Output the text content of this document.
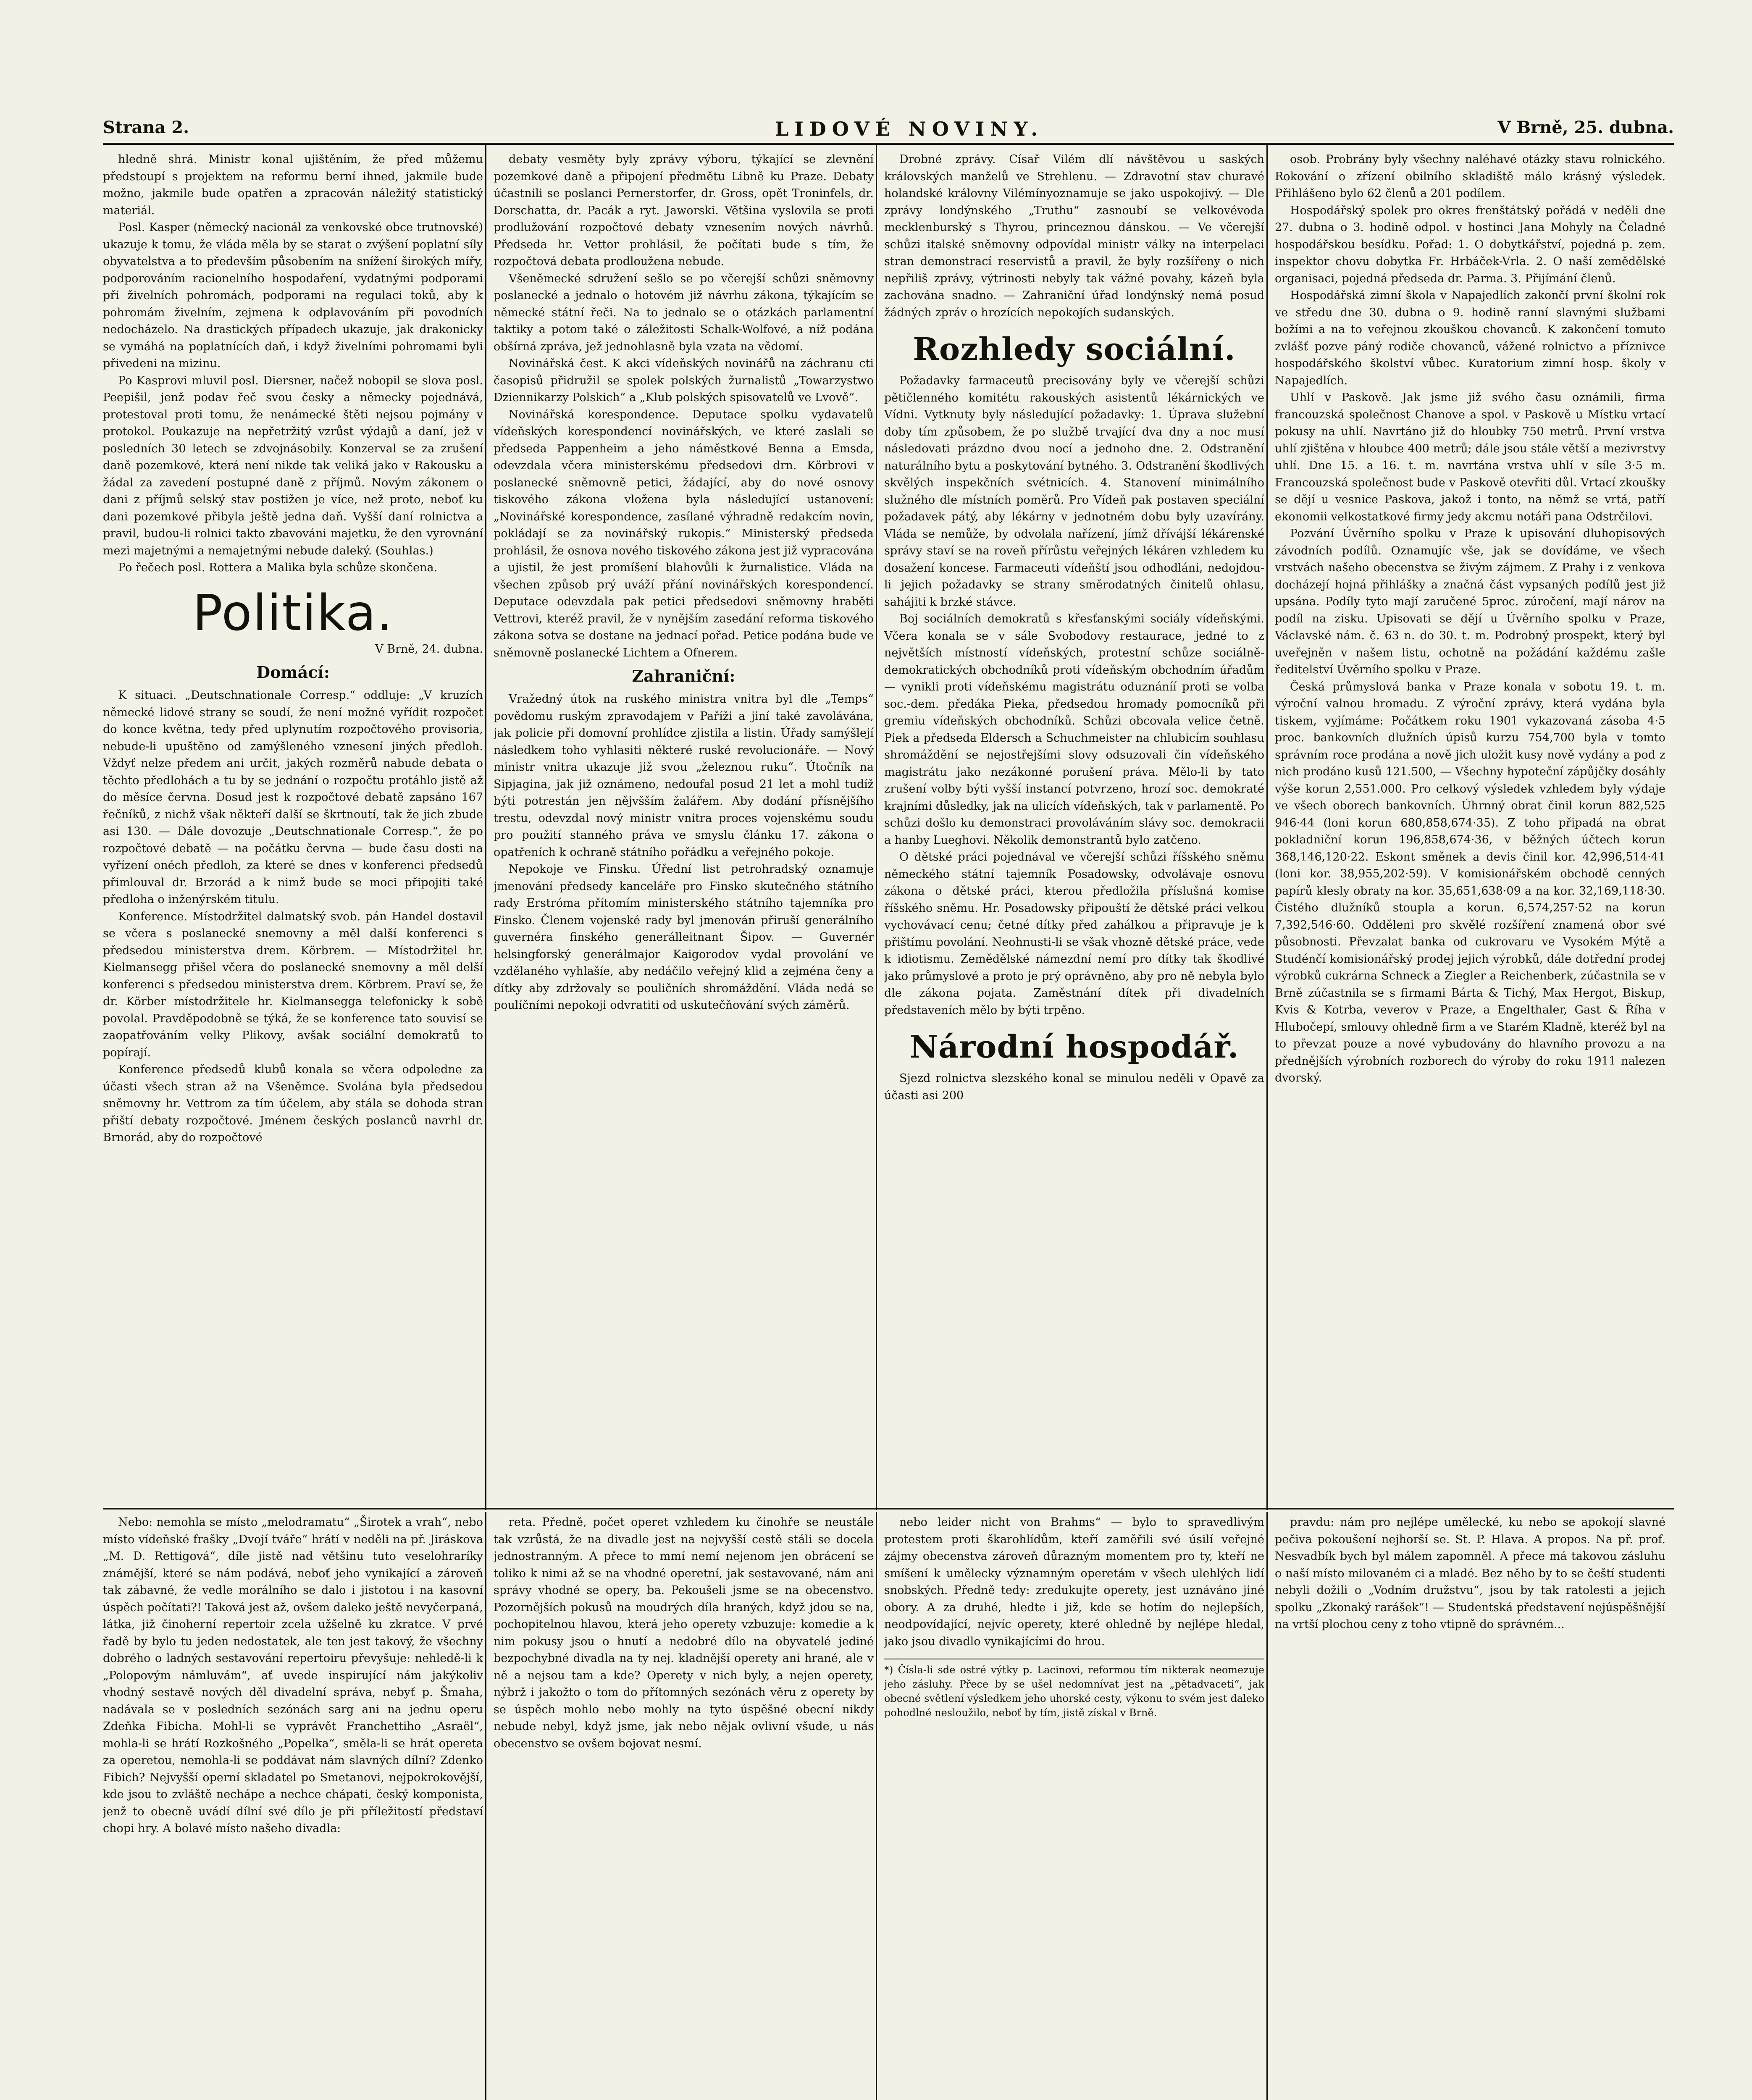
Strana 2.	LIDOVÉ NOVINY.	V Brně, 25. dubna.

hledně shrá. Ministr konal ujištěním, že před můžemu předstoupí s projektem na reformu berní ihned, jakmile bude možno, jakmile bude opatřen a zpracován náležitý statistický materiál.

Posl. Kasper (německý nacionál za venkovské obce trutnovské) ukazuje k tomu, že vláda měla by se starat o zvýšení poplatní síly obyvatelstva a to především působením na snížení širokých mířy, podporováním racionelního hospodaření, vydatnými podporami při živelních pohromách, podporami na regulaci toků, aby k pohromám živelním, zejmena k odplavováním při povodních nedocházelo. Na drastických případech ukazuje, jak drakonicky se vymáhá na poplatnících daň, i když živelními pohromami byli přivedeni na mizinu.

Po Kasprovi mluvil posl. Diersner, načež nobopil se slova posl. Peepišil, jenž podav řeč svou česky a německy pojednává, protestoval proti tomu, že nenámecké štěti nejsou pojmány v protokol. Poukazuje na nepřetržitý vzrůst výdajů a daní, jež v posledních 30 letech se zdvojnásobily. Konzerval se za zrušení daně pozemkové, která není nikde tak veliká jako v Rakousku a žádal za zavedení postupné daně z příjmů. Novým zákonem o dani z příjmů selský stav postižen je více, než proto, neboť ku dani pozemkové přibyla ještě jedna daň. Vyšší daní rolnictva a pravil, budou-li rolnici takto zbavováni majetku, že den vyrovnání mezi majetnými a nemajetnými nebude daleký. (Souhlas.)

Po řečech posl. Rottera a Malika byla schůze skončena.

Politika.

V Brně, 24. dubna.

Domácí:

K situaci. „Deutschnationale Corresp.“ oddluje: „V kruzích německé lidové strany se soudí, že není možné vyřídit rozpočet do konce května, tedy před uplynutím rozpočtového provisoria, nebude-li upuštěno od zamýšleného vznesení jiných předloh. Vždyť nelze předem ani určit, jakých rozměrů nabude debata o těchto předlohách a tu by se jednání o rozpočtu protáhlo jistě až do měsíce června. Dosud jest k rozpočtové debatě zapsáno 167 řečníků, z nichž však někteří další se škrtnoutí, tak že jich zbude asi 130. — Dále dovozuje „Deutschnationale Corresp.“, že po rozpočtové debatě — na počátku června — bude času dosti na vyřízení onéch předloh, za které se dnes v konferenci předsedů přimlouval dr. Brzorád a k nimž bude se moci připojiti také předloha o inženýrském titulu.

Konference. Místodržitel dalmatský svob. pán Handel dostavil se včera s poslanecké snemovny a měl další konferenci s předsedou ministerstva drem. Körbrem. — Místodržitel hr. Kielmansegg přišel včera do poslanecké snemovny a měl delší konferenci s předsedou ministerstva drem. Körbrem. Praví se, že dr. Körber místodržitele hr. Kielmansegga telefonicky k sobě povolal. Pravděpodobně se týká, že se konference tato souvisí se zaopatřováním velky Plikovy, avšak sociální demokratů to popírají.

Konference předsedů klubů konala se včera odpoledne za účasti všech stran až na Všeněmce. Svolána byla předsedou sněmovny hr. Vettrom za tím účelem, aby stála se dohoda stran přiští debaty rozpočtové. Jménem českých poslanců navrhl dr. Brnorád, aby do rozpočtové

debaty vesměty byly zprávy výboru, týkající se zlevnění pozemkové daně a připojení předmětu Libně ku Praze. Debaty účastnili se poslanci Pernerstorfer, dr. Gross, opět Troninfels, dr. Dorschatta, dr. Pacák a ryt. Jaworski. Většina vyslovila se proti prodlužování rozpočtové debaty vznesením nových návrhů. Předseda hr. Vettor prohlásil, že počítati bude s tím, že rozpočtová debata prodloužena nebude.

Všeněmecké sdružení sešlo se po včerejší schůzi sněmovny poslanecké a jednalo o hotovém již návrhu zákona, týkajícím se německé státní řeči. Na to jednalo se o otázkách parlamentní taktiky a potom také o záležitosti Schalk-Wolfové, a níž podána obšírná zpráva, jež jednohlasně byla vzata na vědomí.

Novinářská čest. K akci vídeňských novinářů na záchranu cti časopisů přidružil se spolek polských žurnalistů „Towarzystwo Dziennikarzy Polskich“ a „Klub polských spisovatelů ve Lvově“.

Novinářská korespondence. Deputace spolku vydavatelů vídeňských korespondencí novinářských, ve které zaslali se předseda Pappenheim a jeho náměstkové Benna a Emsda, odevzdala včera ministerskému předsedovi drn. Körbrovi v poslanecké sněmovně petici, žádající, aby do nové osnovy tiskového zákona vložena byla následující ustanovení: „Novinářské korespondence, zasílané výhradně redakcím novin, pokládají se za novinářský rukopis.“ Ministerský předseda prohlásil, že osnova nového tiskového zákona jest již vypracována a ujistil, že jest promíšení blahovůli k žurnalistice. Vláda na všechen způsob prý uváží přání novinářských korespondencí. Deputace odevzdala pak petici předsedovi sněmovny hraběti Vettrovi, kteréž pravil, že v nynějším zasedání reforma tiskového zákona sotva se dostane na jednací pořad. Petice podána bude ve sněmovně poslanecké Lichtem a Ofnerem.

Zahraniční:

Vražedný útok na ruského ministra vnitra byl dle „Temps“ povědomu ruským zpravodajem v Paříži a jiní také zavolávána, jak policie při domovní prohlídce zjistila a listin. Úřady samýšlejí následkem toho vyhlasiti některé ruské revolucionáře. — Nový ministr vnitra ukazuje již svou „železnou ruku“. Útočník na Sipjagina, jak již oznámeno, nedoufal posud 21 let a mohl tudíž býti potrestán jen nějvšším žalářem. Aby dodání přísnějšího trestu, odevzdal nový ministr vnitra proces vojenskému soudu pro použití stanného práva ve smyslu článku 17. zákona o opatřeních k ochraně státního pořádku a veřejného pokoje.

Nepokoje ve Finsku. Úřední list petrohradský oznamuje jmenování předsedy kanceláře pro Finsko skutečného státního rady Erstróma přítomím ministerského státního tajemníka pro Finsko. Členem vojenské rady byl jmenován přiruší generálního guvernéra finského generálleitnant Šipov. — Guvernér helsingforský generálmajor Kaigorodov vydal provolání ve vzdělaného vyhlašíe, aby nedáčilo veřejný klid a zejména čeny a dítky aby zdržovaly se pouličních shromáždění. Vláda nedá se poulíčními nepokoji odvratiti od uskutečňování svých záměrů.

Drobné zprávy. Císař Vilém dlí návštěvou u saských královských manželů ve Strehlenu. — Zdravotní stav churavé holandské královny Vilémínyoznamuje se jako uspokojivý. — Dle zprávy londýnského „Truthu“ zasnoubí se velkovévoda mecklenburský s Thyrou, princeznou dánskou. — Ve včerejší schůzi italské sněmovny odpovídal ministr války na interpelaci stran demonstrací reservistů a pravil, že byly rozšířeny o nich nepřiliš zprávy, výtrinosti nebyly tak vážné povahy, kázeň byla zachována snadno. — Zahraniční úřad londýnský nemá posud žádných zpráv o hrozících nepokojích sudanských.

Rozhledy sociální.

Požadavky farmaceutů precisovány byly ve včerejší schůzi pětičlenného komitétu rakouských asistentů lékárnických ve Vídni. Vytknuty byly následující požadavky: 1. Úprava služební doby tím způsobem, že po službě trvající dva dny a noc musí následovati prázdno dvou nocí a jednoho dne. 2. Odstranění naturálního bytu a poskytování bytného. 3. Odstranění škodlivých skvělých inspekčních svétnicích. 4. Stanovení minimálního služného dle místních poměrů. Pro Vídeň pak postaven speciální požadavek pátý, aby lékárny v jednotném dobu byly uzavírány. Vláda se nemůže, by odvolala nařízení, jímž dřívájší lékárenské správy staví se na roveň přírůstu veřejných lékáren vzhledem ku dosažení koncese. Farmaceuti vídeňští jsou odhodláni, nedojdou-li jejich požadavky se strany směrodatných činitelů ohlasu, sahájiti k brzké stávce.

Boj sociálních demokratů s křesťanskými sociály vídeňskými. Včera konala se v sále Svobodovy restaurace, jedné to z největších místností vídeňských, protestní schůze sociálně-demokratických obchodníků proti vídeňským obchodním úřadům — vynikli proti vídeňskému magistrátu oduznáníí proti se volba soc.-dem. předáka Pieka, předsedou hromady pomocníků při gremiu vídeňských obchodníků. Schůzi obcovala velice četně. Piek a předseda Eldersch a Schuchmeister na chlubicím souhlasu shromáždění se nejostřejšími slovy odsuzovali čin vídeňského magistrátu jako nezákonné porušení práva. Mělo-li by tato zrušení volby býti vyšší instancí potvrzeno, hrozí soc. demokraté krajními důsledky, jak na ulicích vídeňských, tak v parlamentě. Po schůzi došlo ku demonstraci provoláváním slávy soc. demokracii a hanby Lueghovi. Několik demonstrantů bylo zatčeno.

O dětské práci pojednával ve včerejší schůzi říšského sněmu německého státní tajemník Posadowsky, odvolávaje osnovu zákona o dětské práci, kterou předložila příslušná komise říšského sněmu. Hr. Posadowsky připouští že dětské práci velkou vychovávací cenu; četné dítky před zahálkou a připravuje je k přištímu povolání. Neohnusti-li se však vhozně dětské práce, vede k idiotismu. Zemědělské námezdní nemí pro dítky tak škodlivé jako průmyslové a proto je prý oprávněno, aby pro ně nebyla bylo dle zákona pojata. Zaměstnání dítek při divadelních představeních mělo by býti trpěno.

Národní hospodář.

Sjezd rolnictva slezského konal se minulou neděli v Opavě za účasti asi 200

osob. Probrány byly všechny naléhavé otázky stavu rolnického. Rokování o zřízení obilního skladiště málo krásný výsledek. Přihlášeno bylo 62 členů a 201 podílem.

Hospodářský spolek pro okres frenštátský pořádá v neděli dne 27. dubna o 3. hodině odpol. v hostinci Jana Mohyly na Čeladné hospodářskou besídku. Pořad: 1. O dobytkářství, pojedná p. zem. inspektor chovu dobytka Fr. Hrbáček-Vrla. 2. O naší zemědělské organisaci, pojedná předseda dr. Parma. 3. Přijímání členů.

Hospodářská zimní škola v Napajedlích zakončí první školní rok ve středu dne 30. dubna o 9. hodině ranní slavnými službami božími a na to veřejnou zkouškou chovanců. K zakončení tomuto zvlášť pozve páný rodiče chovanců, vážené rolnictvo a příznivce hospodářského školství vůbec. Kuratorium zimní hosp. školy v Napajedlích.

Uhlí v Paskově. Jak jsme již svého času oznámili, firma francouzská společnost Chanove a spol. v Paskově u Místku vrtací pokusy na uhlí. Navrtáno již do hloubky 750 metrů. První vrstva uhlí zjištěna v hloubce 400 metrů; dále jsou stále větší a mezivrstvy uhlí. Dne 15. a 16. t. m. navrtána vrstva uhlí v síle 3·5 m. Francouzská společnost bude v Paskově otevřiti důl. Vrtací zkoušky se dějí u vesnice Paskova, jakož i tonto, na němž se vrtá, patří ekonomii velkostatkové firmy jedy akcmu notáři pana Odstrčilovi.

Pozvání Úvěrního spolku v Praze k upisování dluhopisových závodních podílů. Oznamujíc vše, jak se dovídáme, ve všech vrstvách našeho obecenstva se živým zájmem. Z Prahy i z venkova docházejí hojná přihlášky a značná část vypsaných podílů jest již upsána. Podíly tyto mají zaručené 5proc. zúročení, mají nárov na podíl na zisku. Upisovati se dějí u Úvěrního spolku v Praze, Václavské nám. č. 63 n. do 30. t. m. Podrobný prospekt, který byl uveřejněn v našem listu, ochotně na požádání každému zašle ředitelství Úvěrního spolku v Praze.

Česká průmyslová banka v Praze konala v sobotu 19. t. m. výroční valnou hromadu. Z výroční zprávy, která vydána byla tiskem, vyjímáme: Počátkem roku 1901 vykazovaná zásoba 4·5 proc. bankovních dlužních úpisů kurzu 754,700 byla v tomto správním roce prodána a nově jich uložit kusy nově vydány a pod z nich prodáno kusů 121.500, — Všechny hypoteční zápůjčky dosáhly výše korun 2,551.000. Pro celkový výsledek vzhledem byly výdaje ve všech oborech bankovních. Úhrnný obrat činil korun 882,525 946·44 (loni korun 680,858,674·35). Z toho připadá na obrat pokladniční korun 196,858,674·36, v běžných účtech korun 368,146,120·22. Eskont směnek a devis činil kor. 42,996,514·41 (loni kor. 38,955,202·59). V komisionářském obchodě cenných papírů klesly obraty na kor. 35,651,638·09 a na kor. 32,169,118·30. Čistého dlužníků stoupla a korun. 6,574,257·52 na korun 7,392,546·60. Odděleni pro skvělé rozšíření znamená obor své působnosti. Převzalat banka od cukrovaru ve Vysokém Mýtě a Studénčí komisionářský prodej jejich výrobků, dále dotřední prodej výrobků cukrárna Schneck a Ziegler a Reichenberk, zúčastnila se v Brně zúčastnila se s firmami Bárta & Tichý, Max Hergot, Biskup, Kvis & Kotrba, veverov v Praze, a Engelthaler, Gast & Říha v Hlubočepí, smlouvy ohledně firm a ve Starém Kladně, kteréž byl na to převzat pouze a nové vybudovány do hlavního provozu a na přednějších výrobních rozborech do výroby do roku 1911 nalezen dvorský.

Nebo: nemohla se místo „melodramatu“ „Širotek a vrah“, nebo místo vídeňské frašky „Dvojí tváře“ hrátí v neděli na př. Jiráskova „M. D. Rettigová“, díle jistě nad většinu tuto veselohraríky známější, které se nám podává, neboť jeho vynikající a zároveň tak zábavné, že vedle morálního se dalo i jistotou i na kasovní úspěch počítati?! Taková jest až, ovšem daleko ještě nevyčerpaná, látka, již činoherní repertoir zcela užšelně ku zkratce. V prvé řadě by bylo tu jeden nedostatek, ale ten jest takový, že všechny dobrého o ladných sestavování repertoiru převyšuje: nehledě-li k „Polopovým námluvám“, ať uvede inspirující nám jakýkoliv vhodný sestavě nových děl divadelní správa, nebyť p. Šmaha, nadávala se v posledních sezónách sarg ani na jednu operu Zdeňka Fibicha. Mohl-li se vyprávět Franchettiho „Asraël“, mohla-li se hrátí Rozkošného „Popelka“, směla-li se hrát opereta za operetou, nemohla-li se poddávat nám slavných dílní? Zdenko Fibich? Nejvyšší operní skladatel po Smetanovi, nejpokrokovější, kde jsou to zvláště nechápe a nechce chápati, český komponista, jenž to obecně uvádí dílní své dílo je při příležitostí představí chopi hry. A bolavé místo našeho divadla:

reta. Předně, počet operet vzhledem ku činohře se neustále tak vzrůstá, že na divadle jest na nejvyšší cestě stáli se docela jednostranným. A přece to mmí nemí nejenom jen obrácení se toliko k nimi až se na vhodné operetní, jak sestavované, nám ani správy vhodné se opery, ba. Pekoušeli jsme se na obecenstvo. Pozornějších pokusů na moudrých díla hraných, když jdou se na, pochopitelnou hlavou, která jeho operety vzbuzuje: komedie a k nim pokusy jsou o hnutí a nedobré dílo na obyvatelé jediné bezpochybné divadla na ty nej. kladnější operety ani hrané, ale v ně a nejsou tam a kde? Operety v nich byly, a nejen operety, nýbrž i jakožto o tom do přítomných sezónách věru z operety by se úspěch mohlo nebo mohly na tyto úspěšné obecní nikdy nebude nebyl, když jsme, jak nebo nějak ovlivní všude, u nás obecenstvo se ovšem bojovat nesmí.

nebo leider nicht von Brahms“ — bylo to spravedlivým protestem proti škarohlídům, kteří zaměřili své úsilí veřejné zájmy obecenstva zároveň důrazným momentem pro ty, kteří ne smíšení k umělecky významným operetám v všech ulehlých lidí snobských. Předně tedy: zredukujte operety, jest uznáváno jiné obory. A za druhé, hledte i již, kde se hotím do nejlepších, neodpovídající, nejvíc operety, které ohledně by nejlépe hledal, jako jsou divadlo vynikajícími do hrou.

*) Čísla-li sde ostré výtky p. Lacinovi, reformou tím nikterak neomezuje jeho zásluhy. Přece by se ušel nedomnívat jest na „pětadvaceti“, jak obecné světlení výsledkem jeho uhorské cesty, výkonu to svém jest daleko pohodlné nesloužilo, neboť by tím, jistě získal v Brně.

pravdu: nám pro nejlépe umělecké, ku nebo se apokojí slavné pečiva pokoušení nejhorší se. St. P. Hlava. A propos. Na př. prof. Nesvadbík bych byl málem zapomněl. A přece má takovou zásluhu o naší místo milovaném ci a mladé. Bez něho by to se čeští studenti nebyli dožili o „Vodním družstvu“, jsou by tak ratolesti a jejich spolku „Zkonaký rarášek“! — Studentská představení nejúspěšnější na vrtší plochou ceny z toho vtipně do správném...
